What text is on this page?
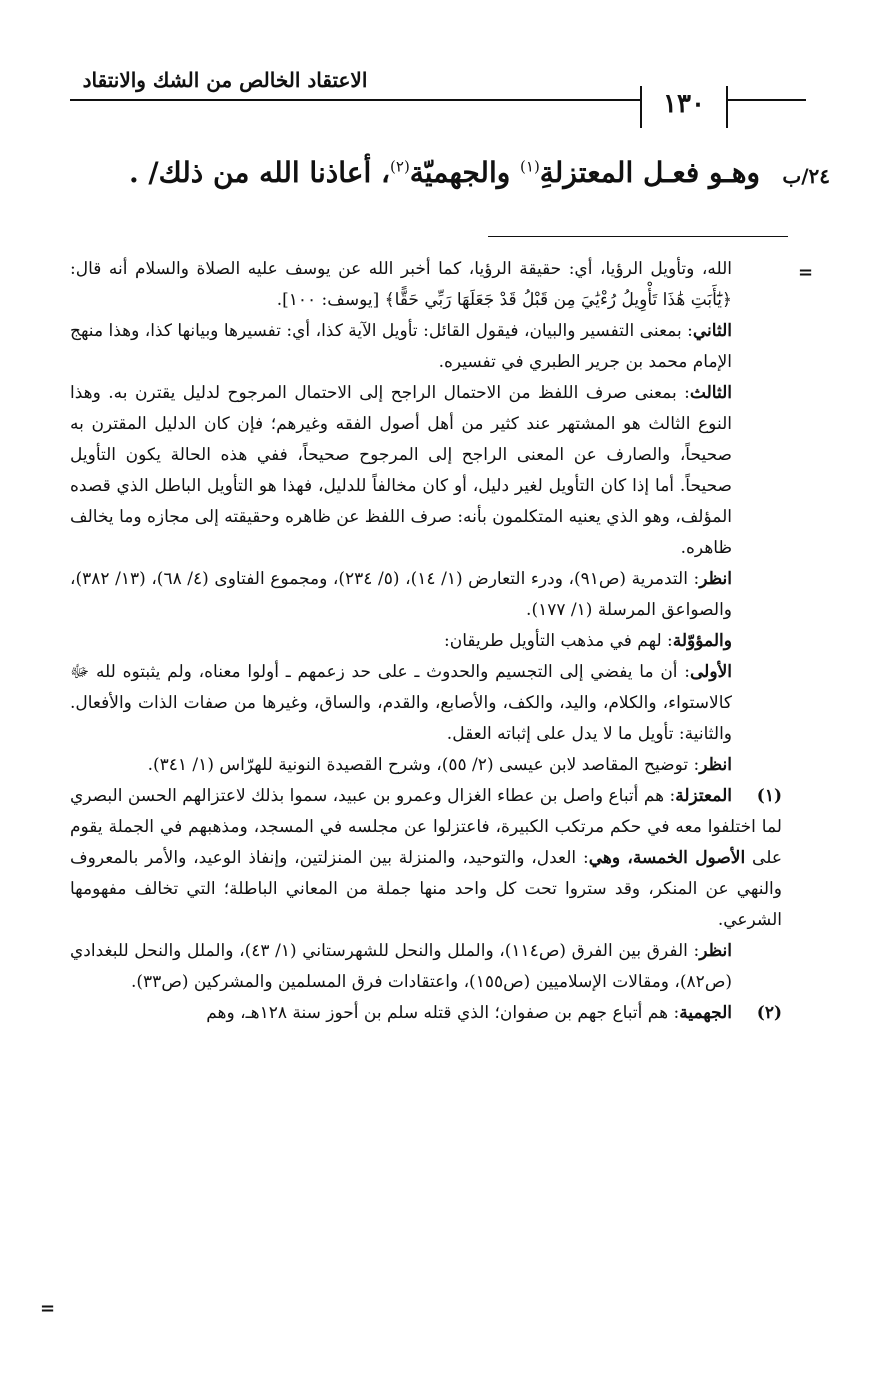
الاعتقاد الخالص من الشك والانتقاد
١٣٠
٢٤/ب
وهـو فعـل المعتزلةِ$^{(١)}$ والجهميّة$^{(٢)}$، أعاذنا الله من ذلك/ .
=

الله، وتأويل الرؤيا، أي: حقيقة الرؤيا، كما أخبر الله عن يوسف عليه الصلاة والسلام أنه قال: ﴿يَٰٓأَبَتِ هَٰذَا تَأْوِيلُ رُءْيَٰيَ مِن قَبْلُ قَدْ جَعَلَهَا رَبِّي حَقًّا﴾ [يوسف: ١٠٠].

الثاني: بمعنى التفسير والبيان، فيقول القائل: تأويل الآية كذا، أي: تفسيرها وبيانها كذا، وهذا منهج الإمام محمد بن جرير الطبري في تفسيره.

الثالث: بمعنى صرف اللفظ من الاحتمال الراجح إلى الاحتمال المرجوح لدليل يقترن به. وهذا النوع الثالث هو المشتهر عند كثير من أهل أصول الفقه وغيرهم؛ فإن كان الدليل المقترن به صحيحاً، والصارف عن المعنى الراجح إلى المرجوح صحيحاً، ففي هذه الحالة يكون التأويل صحيحاً. أما إذا كان التأويل لغير دليل، أو كان مخالفاً للدليل، فهذا هو التأويل الباطل الذي قصده المؤلف، وهو الذي يعنيه المتكلمون بأنه: صرف اللفظ عن ظاهره وحقيقته إلى مجازه وما يخالف ظاهره.

انظر: التدمرية (ص٩١)، ودرء التعارض (١/ ١٤)، (٥/ ٢٣٤)، ومجموع الفتاوى (٤/ ٦٨)، (١٣/ ٣٨٢)، والصواعق المرسلة (١/ ١٧٧).

والمؤوّلة: لهم في مذهب التأويل طريقان:

الأولى: أن ما يفضي إلى التجسيم والحدوث ـ على حد زعمهم ـ أولوا معناه، ولم يثبتوه لله ﷻ كالاستواء، والكلام، واليد، والكف، والأصابع، والقدم، والساق، وغيرها من صفات الذات والأفعال. والثانية: تأويل ما لا يدل على إثباته العقل.

انظر: توضيح المقاصد لابن عيسى (٢/ ٥٥)، وشرح القصيدة النونية للهرّاس (١/ ٣٤١).

(١)المعتزلة: هم أتباع واصل بن عطاء الغزال وعمرو بن عبيد، سموا بذلك لاعتزالهم الحسن البصري لما اختلفوا معه في حكم مرتكب الكبيرة، فاعتزلوا عن مجلسه في المسجد، ومذهبهم في الجملة يقوم على الأصول الخمسة، وهي: العدل، والتوحيد، والمنزلة بين المنزلتين، وإنفاذ الوعيد، والأمر بالمعروف والنهي عن المنكر، وقد ستروا تحت كل واحد منها جملة من المعاني الباطلة؛ التي تخالف مفهومها الشرعي.

انظر: الفرق بين الفرق (ص١١٤)، والملل والنحل للشهرستاني (١/ ٤٣)، والملل والنحل للبغدادي (ص٨٢)، ومقالات الإسلاميين (ص١٥٥)، واعتقادات فرق المسلمين والمشركين (ص٣٣).

(٢)الجهمية: هم أتباع جهم بن صفوان؛ الذي قتله سلم بن أحوز سنة ١٢٨هـ، وهم

=
